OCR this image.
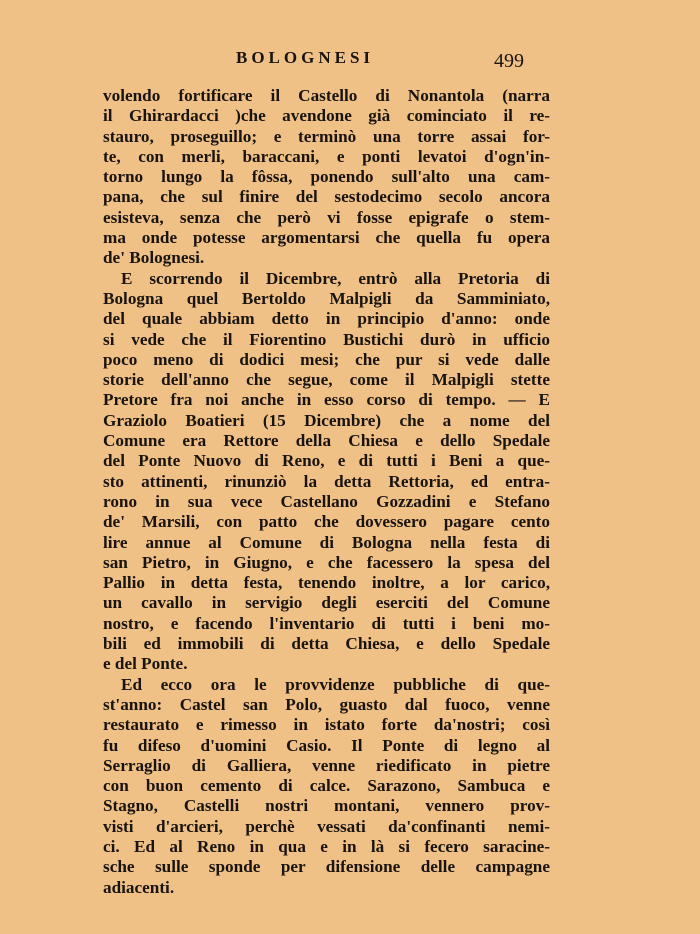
BOLOGNESI	499
volendo fortificare il Castello di Nonantola (narra
il Ghirardacci )che avendone già cominciato il re-
stauro, proseguillo; e terminò una torre assai for-
te, con merli, baraccani, e ponti levatoi d'ogn'in-
torno lungo la fôssa, ponendo sull'alto una cam-
pana, che sul finire del sestodecimo secolo ancora
esisteva, senza che però vi fosse epigrafe o stem-
ma onde potesse argomentarsi che quella fu opera
de' Bolognesi.
E scorrendo il Dicembre, entrò alla Pretoria di
Bologna quel Bertoldo Malpigli da Samminiato,
del quale abbiam detto in principio d'anno: onde
si vede che il Fiorentino Bustichi durò in ufficio
poco meno di dodici mesi; che pur si vede dalle
storie dell'anno che segue, come il Malpigli stette
Pretore fra noi anche in esso corso di tempo. — E
Graziolo Boatieri (15 Dicembre) che a nome del
Comune era Rettore della Chiesa e dello Spedale
del Ponte Nuovo di Reno, e di tutti i Beni a que-
sto attinenti, rinunziò la detta Rettoria, ed entra-
rono in sua vece Castellano Gozzadini e Stefano
de' Marsili, con patto che dovessero pagare cento
lire annue al Comune di Bologna nella festa di
san Pietro, in Giugno, e che facessero la spesa del
Pallio in detta festa, tenendo inoltre, a lor carico,
un cavallo in servigio degli eserciti del Comune
nostro, e facendo l'inventario di tutti i beni mo-
bili ed immobili di detta Chiesa, e dello Spedale
e del Ponte.
Ed ecco ora le provvidenze pubbliche di que-
st'anno: Castel san Polo, guasto dal fuoco, venne
restaurato e rimesso in istato forte da'nostri; così
fu difeso d'uomini Casio. Il Ponte di legno al
Serraglio di Galliera, venne riedificato in pietre
con buon cemento di calce. Sarazono, Sambuca e
Stagno, Castelli nostri montani, vennero prov-
visti d'arcieri, perchè vessati da'confinanti nemi-
ci. Ed al Reno in qua e in là si fecero saracine-
sche sulle sponde per difensione delle campagne
adiacenti.
